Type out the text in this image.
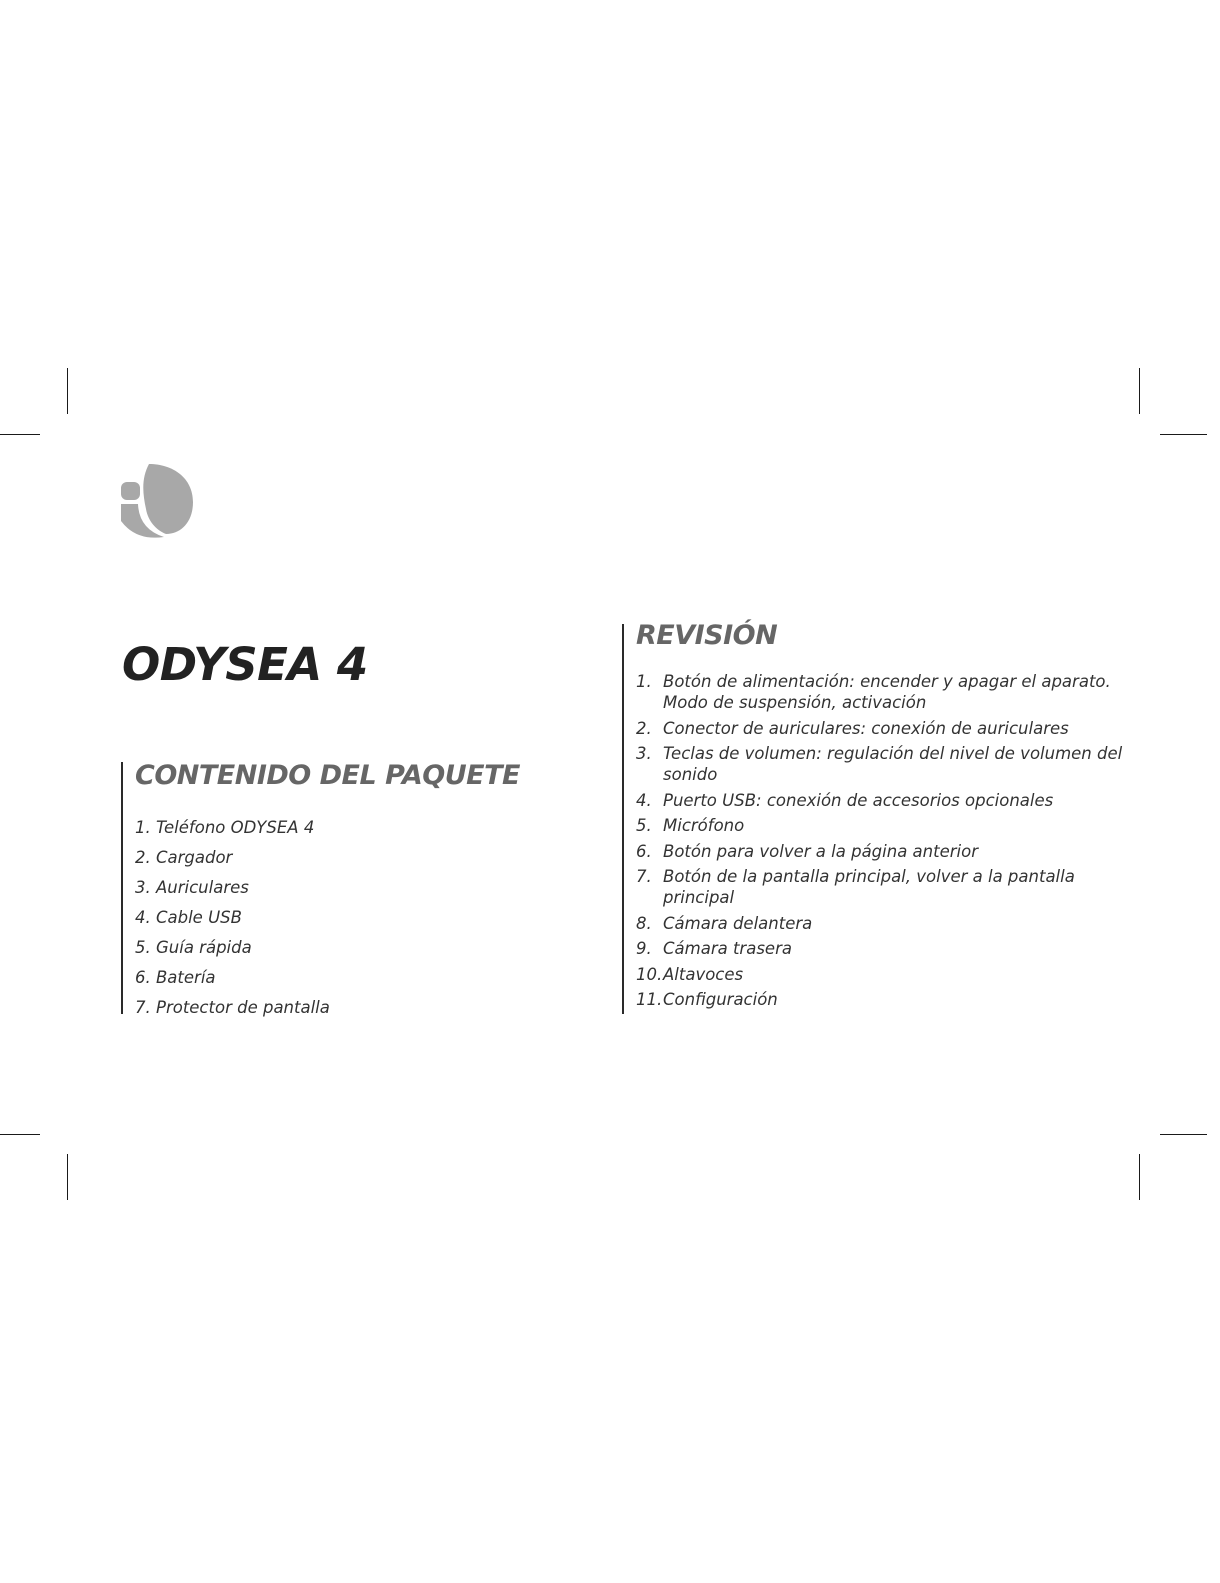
ODYSEA 4
CONTENIDO DEL PAQUETE
1. Teléfono ODYSEA 4
2. Cargador
3. Auriculares
4. Cable USB
5. Guía rápida
6. Batería
7. Protector de pantalla
REVISIÓN
1. Botón de alimentación: encender y apagar el aparato. Modo de suspensión, activación
2. Conector de auriculares: conexión de auriculares
3. Teclas de volumen: regulación del nivel de volumen del sonido
4. Puerto USB: conexión de accesorios opcionales
5. Micrófono
6. Botón para volver a la página anterior
7. Botón de la pantalla principal, volver a la pantalla principal
8. Cámara delantera
9. Cámara trasera
10. Altavoces
11. Configuración
